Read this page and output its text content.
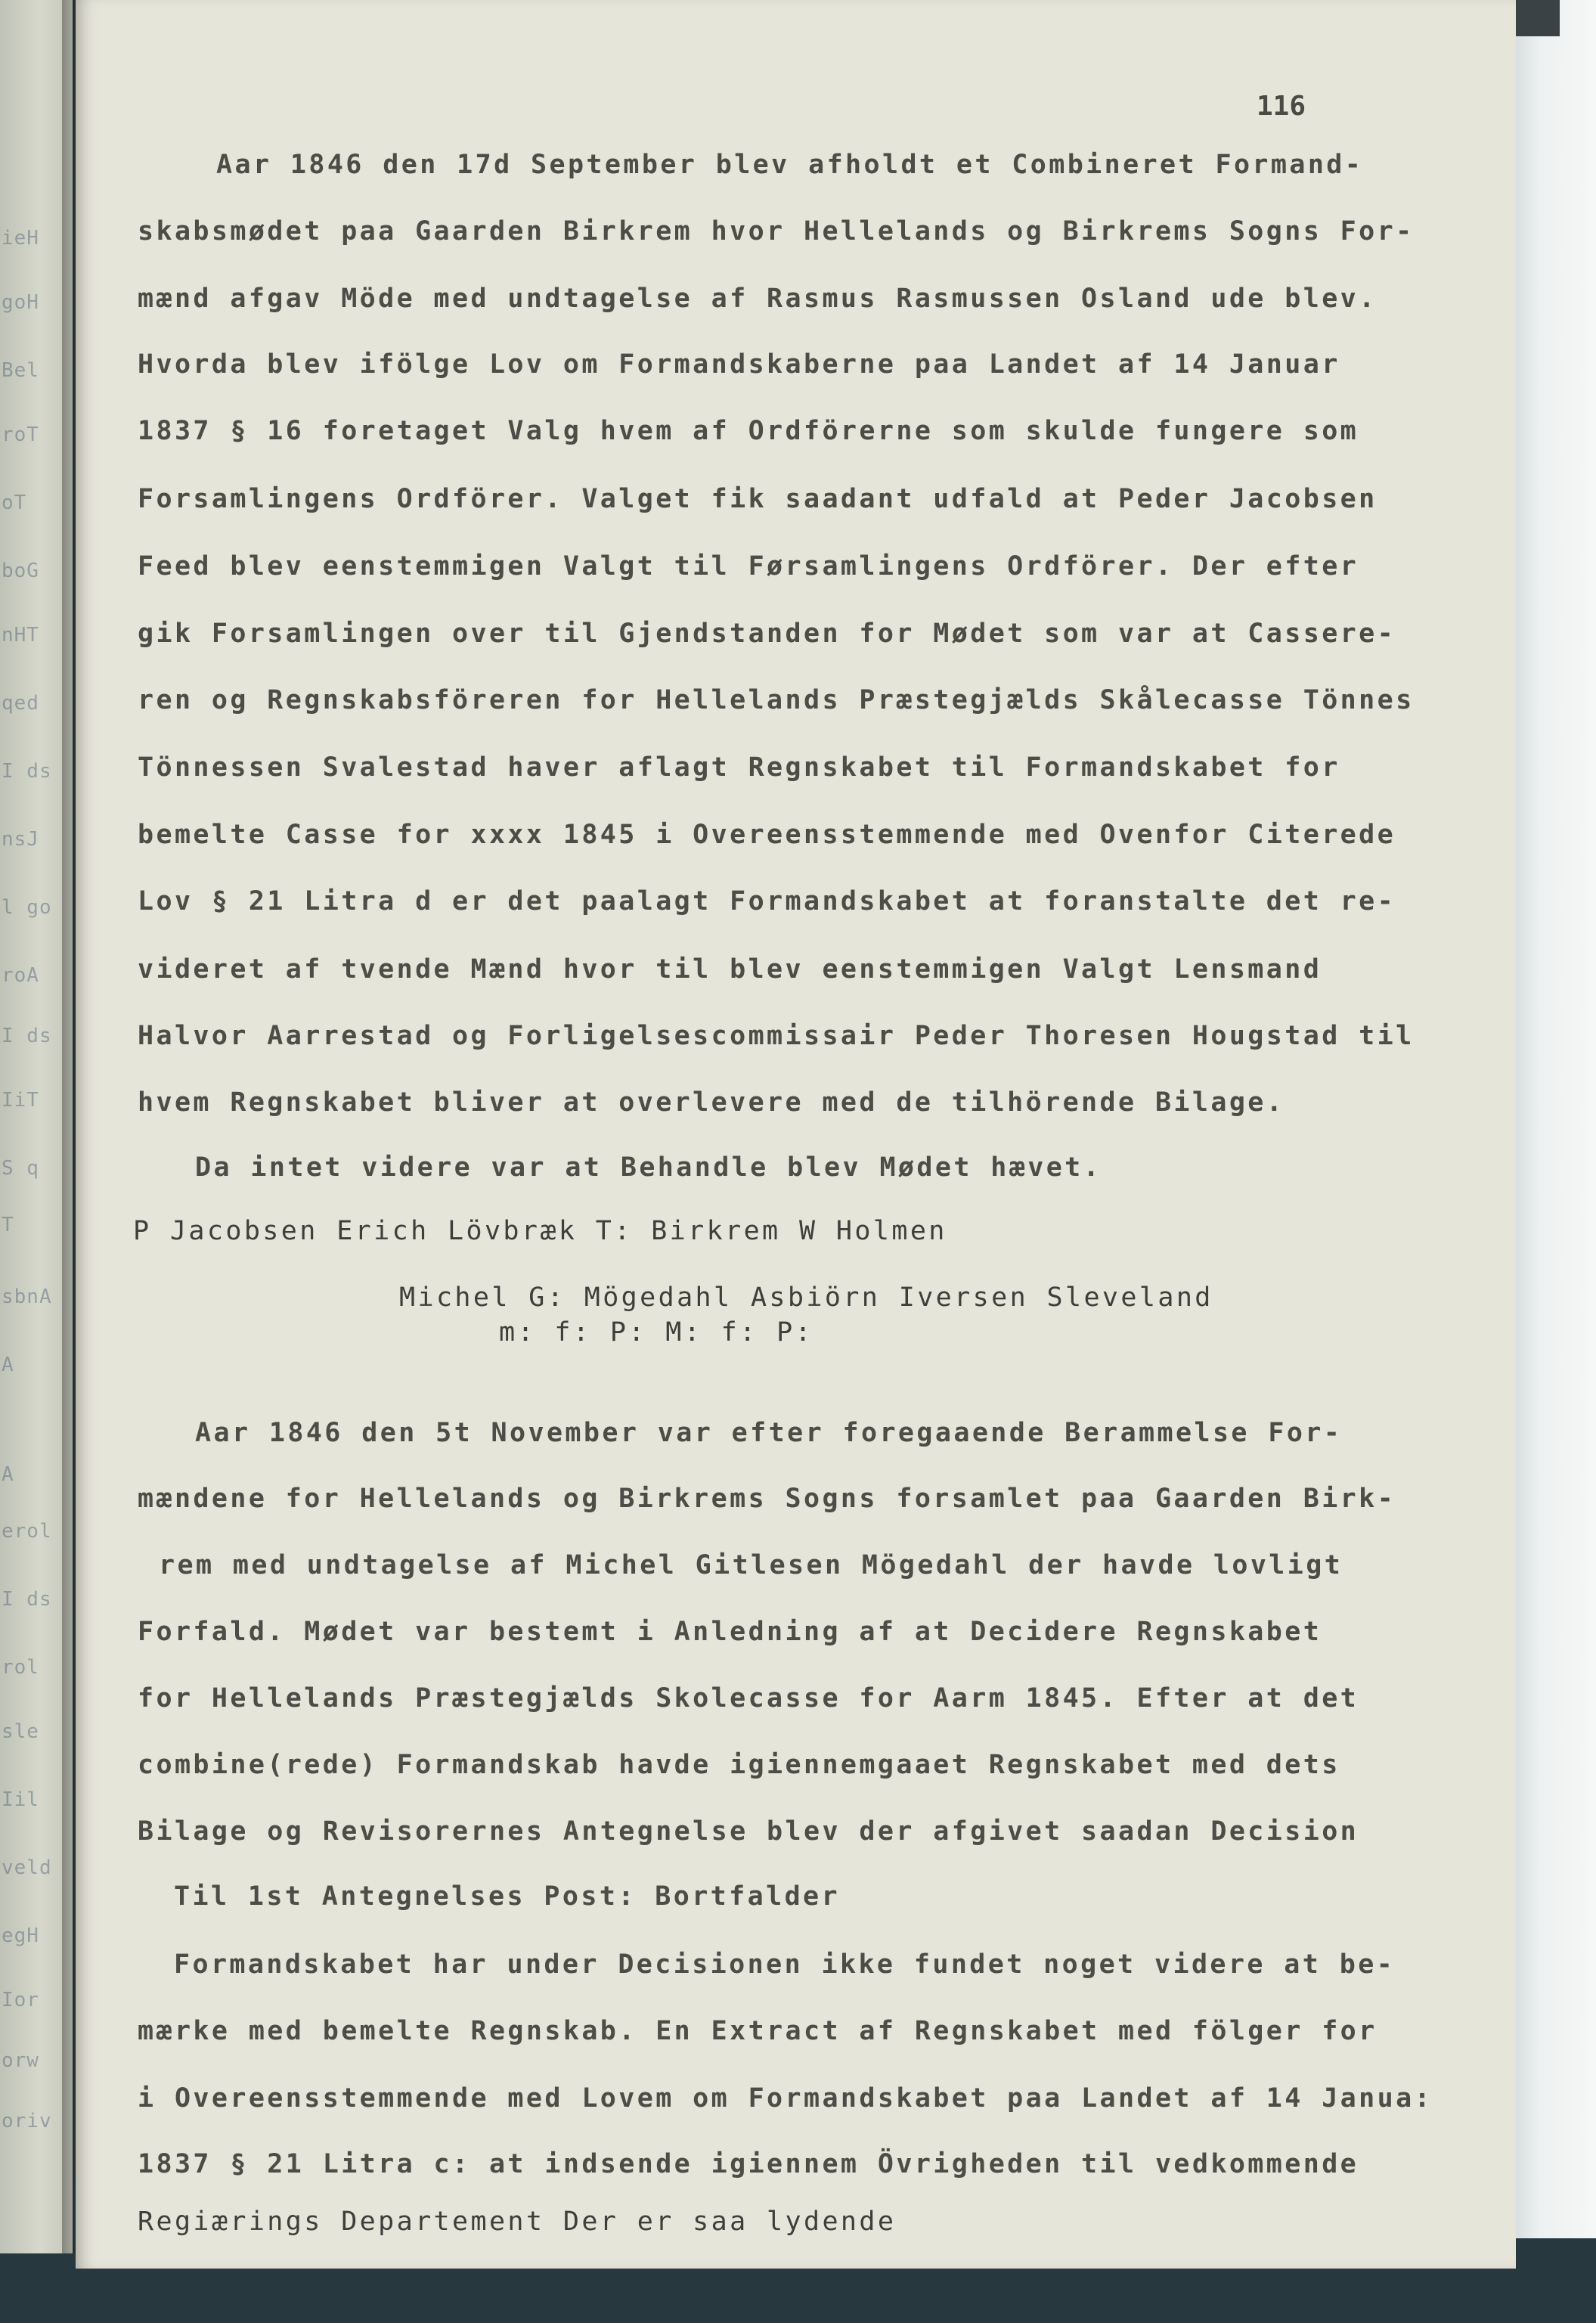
ieH
goH
Bel
roT
oT
boG
nHT
qed
I ds
nsJ
l go
roA
I ds
IiT
S q
T
sbnA
A
A
erol
I ds
rol
sle
Iil
veld
egH
Ior
orw
oriv
116
Aar 1846 den 17d September blev afholdt et Combineret Formand-
skabsmødet paa Gaarden Birkrem hvor Hellelands og Birkrems Sogns For-
mænd afgav Möde med undtagelse af Rasmus Rasmussen Osland ude blev.
Hvorda blev ifölge Lov om Formandskaberne paa Landet af 14 Januar
1837 § 16 foretaget Valg hvem af Ordförerne som skulde fungere som
Forsamlingens Ordförer. Valget fik saadant udfald at Peder Jacobsen
Feed blev eenstemmigen Valgt til Førsamlingens Ordförer. Der efter
gik Forsamlingen over til Gjendstanden for Mødet som var at Cassere-
ren og Regnskabsföreren for Hellelands Præstegjælds Skålecasse Tönnes
Tönnessen Svalestad haver aflagt Regnskabet til Formandskabet for
bemelte Casse for xxxx 1845 i Overeensstemmende med Ovenfor Citerede
Lov § 21 Litra d er det paalagt Formandskabet at foranstalte det re-
videret af tvende Mænd hvor til blev eenstemmigen Valgt Lensmand
Halvor Aarrestad og Forligelsescommissair Peder Thoresen Hougstad til
hvem Regnskabet bliver at overlevere med de tilhörende Bilage.
Da intet videre var at Behandle blev Mødet hævet.
P Jacobsen Erich Lövbræk T: Birkrem W Holmen
Michel G: Mögedahl Asbiörn Iversen Sleveland
m: f: P: M: f: P:
Aar 1846 den 5t November var efter foregaaende Berammelse For-
mændene for Hellelands og Birkrems Sogns forsamlet paa Gaarden Birk-
rem med undtagelse af Michel Gitlesen Mögedahl der havde lovligt
Forfald. Mødet var bestemt i Anledning af at Decidere Regnskabet
for Hellelands Præstegjælds Skolecasse for Aarm 1845. Efter at det
combine(rede) Formandskab havde igiennemgaaet Regnskabet med dets
Bilage og Revisorernes Antegnelse blev der afgivet saadan Decision
Til 1st Antegnelses Post: Bortfalder
Formandskabet har under Decisionen ikke fundet noget videre at be-
mærke med bemelte Regnskab. En Extract af Regnskabet med fölger for
i Overeensstemmende med Lovem om Formandskabet paa Landet af 14 Janua:
1837 § 21 Litra c: at indsende igiennem Övrigheden til vedkommende
Regiærings Departement Der er saa lydende
